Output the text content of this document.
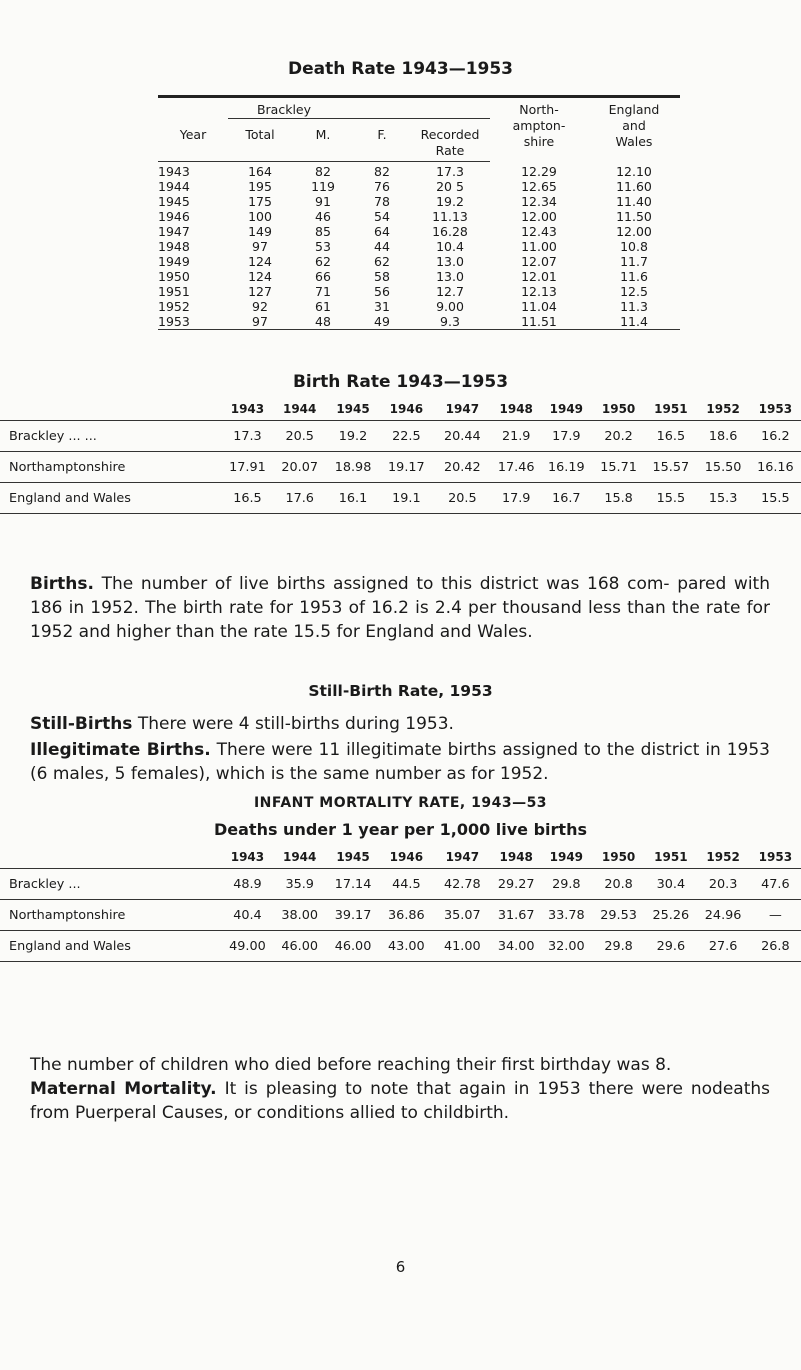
Death Rate 1943—1953
Brackley					North- ampton- shire	England and Wales

Year	Total	M.	F.	Recorded Rate		

1943	164	82	82	17.3	12.29	12.10
1944	195	119	76	20 5	12.65	11.60
1945	175	91	78	19.2	12.34	11.40
1946	100	46	54	11.13	12.00	11.50
1947	149	85	64	16.28	12.43	12.00
1948	97	53	44	10.4	11.00	10.8
1949	124	62	62	13.0	12.07	11.7
1950	124	66	58	13.0	12.01	11.6
1951	127	71	56	12.7	12.13	12.5
1952	92	61	31	9.00	11.04	11.3
1953	97	48	49	9.3	11.51	11.4
Birth Rate 1943—1953
	1943	1944	1945	1946	1947	1948	1949	1950	1951	1952	1953
Brackley ... ...	17.3	20.5	19.2	22.5	20.44	21.9	17.9	20.2	16.5	18.6	16.2
Northamptonshire	17.91	20.07	18.98	19.17	20.42	17.46	16.19	15.71	15.57	15.50	16.16
England and Wales	16.5	17.6	16.1	19.1	20.5	17.9	16.7	15.8	15.5	15.3	15.5

Births. The number of live births assigned to this district was 168 com- pared with 186 in 1952. The birth rate for 1953 of 16.2 is 2.4 per thousand less than the rate for 1952 and higher than the rate 15.5 for England and Wales.
Still-Birth Rate, 1953
Still-Births There were 4 still-births during 1953.
Illegitimate Births. There were 11 illegitimate births assigned to the district in 1953 (6 males, 5 females), which is the same number as for 1952.
INFANT MORTALITY RATE, 1943—53
Deaths under 1 year per 1,000 live births
	1943	1944	1945	1946	1947	1948	1949	1950	1951	1952	1953
Brackley ...	48.9	35.9	17.14	44.5	42.78	29.27	29.8	20.8	30.4	20.3	47.6
Northamptonshire	40.4	38.00	39.17	36.86	35.07	31.67	33.78	29.53	25.26	24.96	—
England and Wales	49.00	46.00	46.00	43.00	41.00	34.00	32.00	29.8	29.6	27.6	26.8

The number of children who died before reaching their first birthday was 8.
Maternal Mortality. It is pleasing to note that again in 1953 there were nodeaths from Puerperal Causes, or conditions allied to childbirth.
6
